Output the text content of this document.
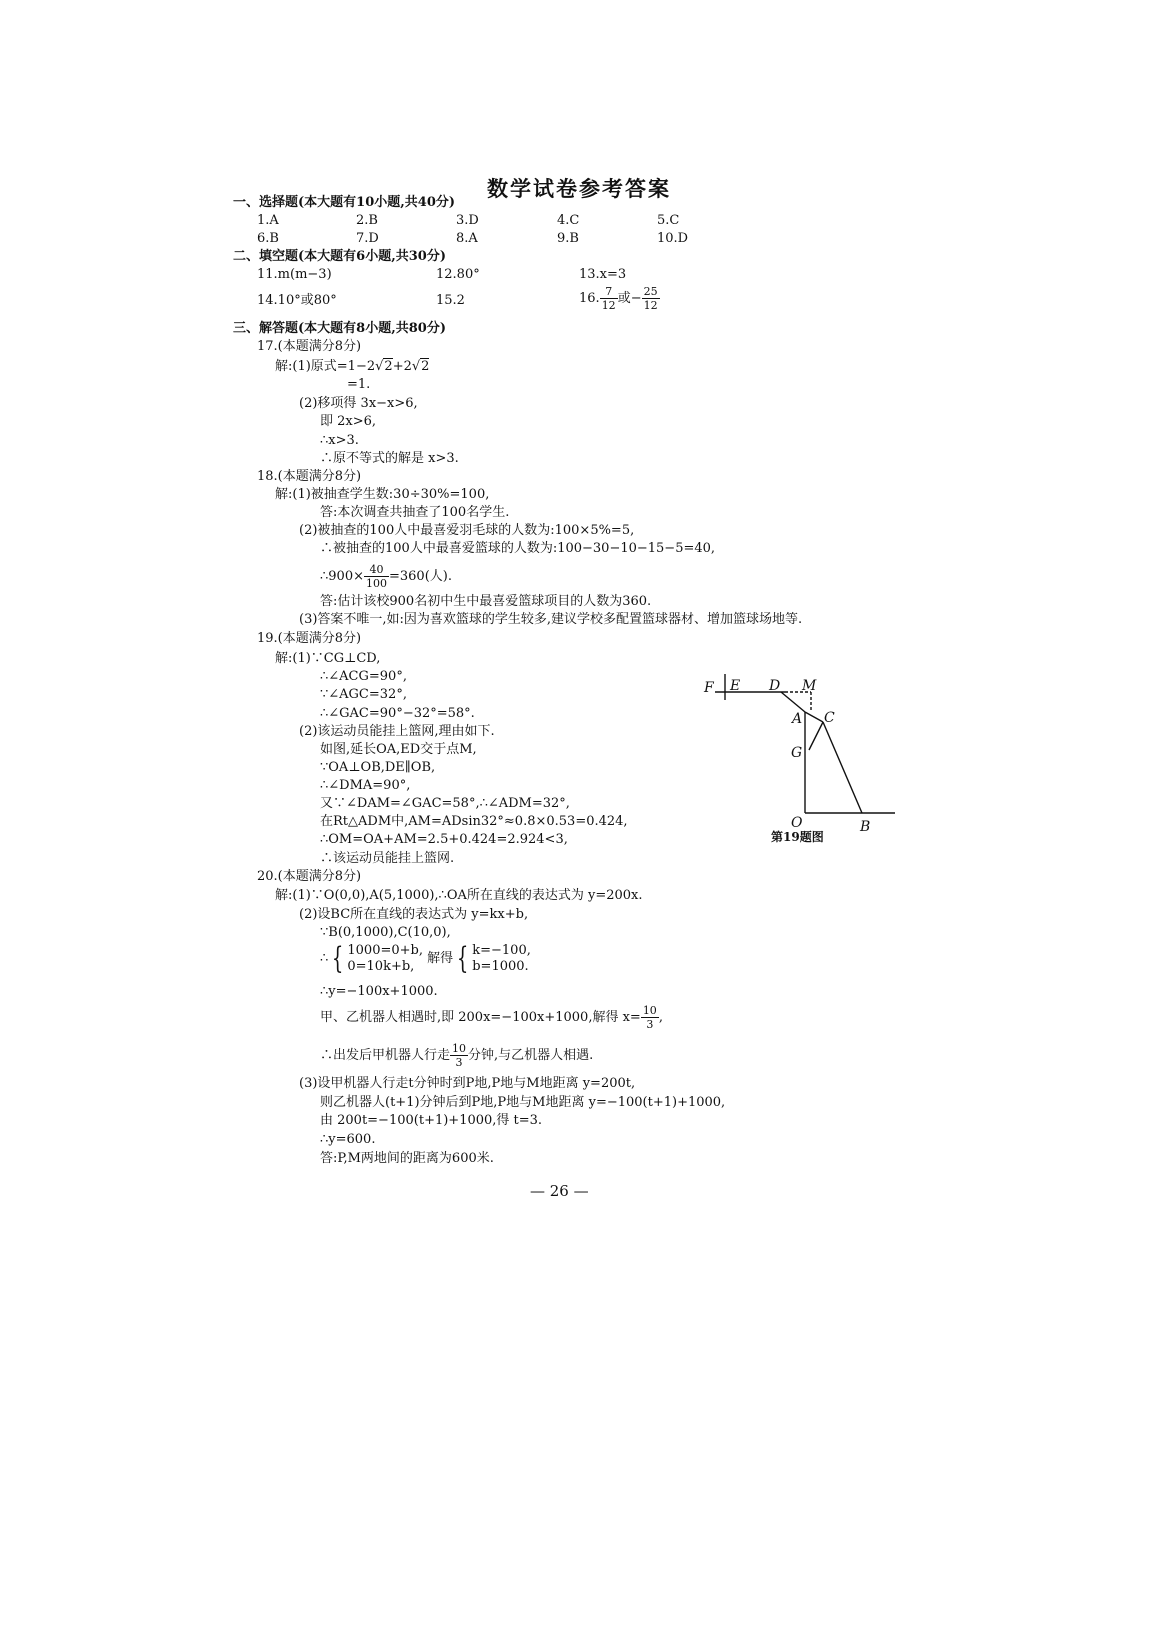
数学试卷参考答案
一、选择题(本大题有10小题,共40分)
1.A	2.B	3.D	4.C	5.C
6.B	7.D	8.A	9.B	10.D
二、填空题(本大题有6小题,共30分)
11.m(m−3)	12.80°	13.x=3
14.10°或80°	15.2	16. $\frac{7}{12}$ 或− $\frac{25}{12}$
三、解答题(本大题有8小题,共80分)
17.(本题满分8分)
解:(1)原式=1−2√2+2√2
=1.
(2)移项得 3x−x>6,
即 2x>6,
∴x>3.
∴原不等式的解是 x>3.
18.(本题满分8分)
解:(1)被抽查学生数:30÷30%=100,
答:本次调查共抽查了100名学生.
(2)被抽查的100人中最喜爱羽毛球的人数为:100×5%=5,
∴被抽查的100人中最喜爱篮球的人数为:100−30−10−15−5=40,
∴900× $\frac{40}{100} =360$(人).
答:估计该校900名初中生中最喜爱篮球项目的人数为360.
(3)答案不唯一,如:因为喜欢篮球的学生较多,建议学校多配置篮球器材、增加篮球场地等.
19.(本题满分8分)
解:(1)∵CG⊥CD,
∴∠ACG=90°,
∵∠AGC=32°,
∴∠GAC=90°−32°=58°.
(2)该运动员能挂上篮网,理由如下.
如图,延长OA,ED交于点M,
∵OA⊥OB,DE∥OB,
∴∠DMA=90°,
又∵∠DAM=∠GAC=58°,∴∠ADM=32°,
在Rt△ADM中,AM=ADsin32°≈0.8×0.53=0.424,
∴OM=OA+AM=2.5+0.424=2.924<3,
∴该运动员能挂上篮网.
F E D M
A C
G
O	B
第19题图
20.(本题满分8分)
解:(1)∵O(0,0),A(5,1000),∴OA所在直线的表达式为 y=200x.
(2)设BC所在直线的表达式为 y=kx+b,
∵B(0,1000),C(10,0),
∴ { 1000=0+b,
0=10k+b, 解得 { k=−100,
b=1000.
∴y=−100x+1000.
甲、乙机器人相遇时,即 200x=−100x+1000,解得 $x= \frac{10}{3}$ ,
∴出发后甲机器人行走 $\frac{10}{3}$ 分钟,与乙机器人相遇.
(3)设甲机器人行走t分钟时到P地,P地与M地距离 y=200t,
则乙机器人(t+1)分钟后到P地,P地与M地距离 y=−100(t+1)+1000,
由 200t=−100(t+1)+1000,得 t=3.
∴y=600.
答:P,M两地间的距离为600米.
— 26 —
